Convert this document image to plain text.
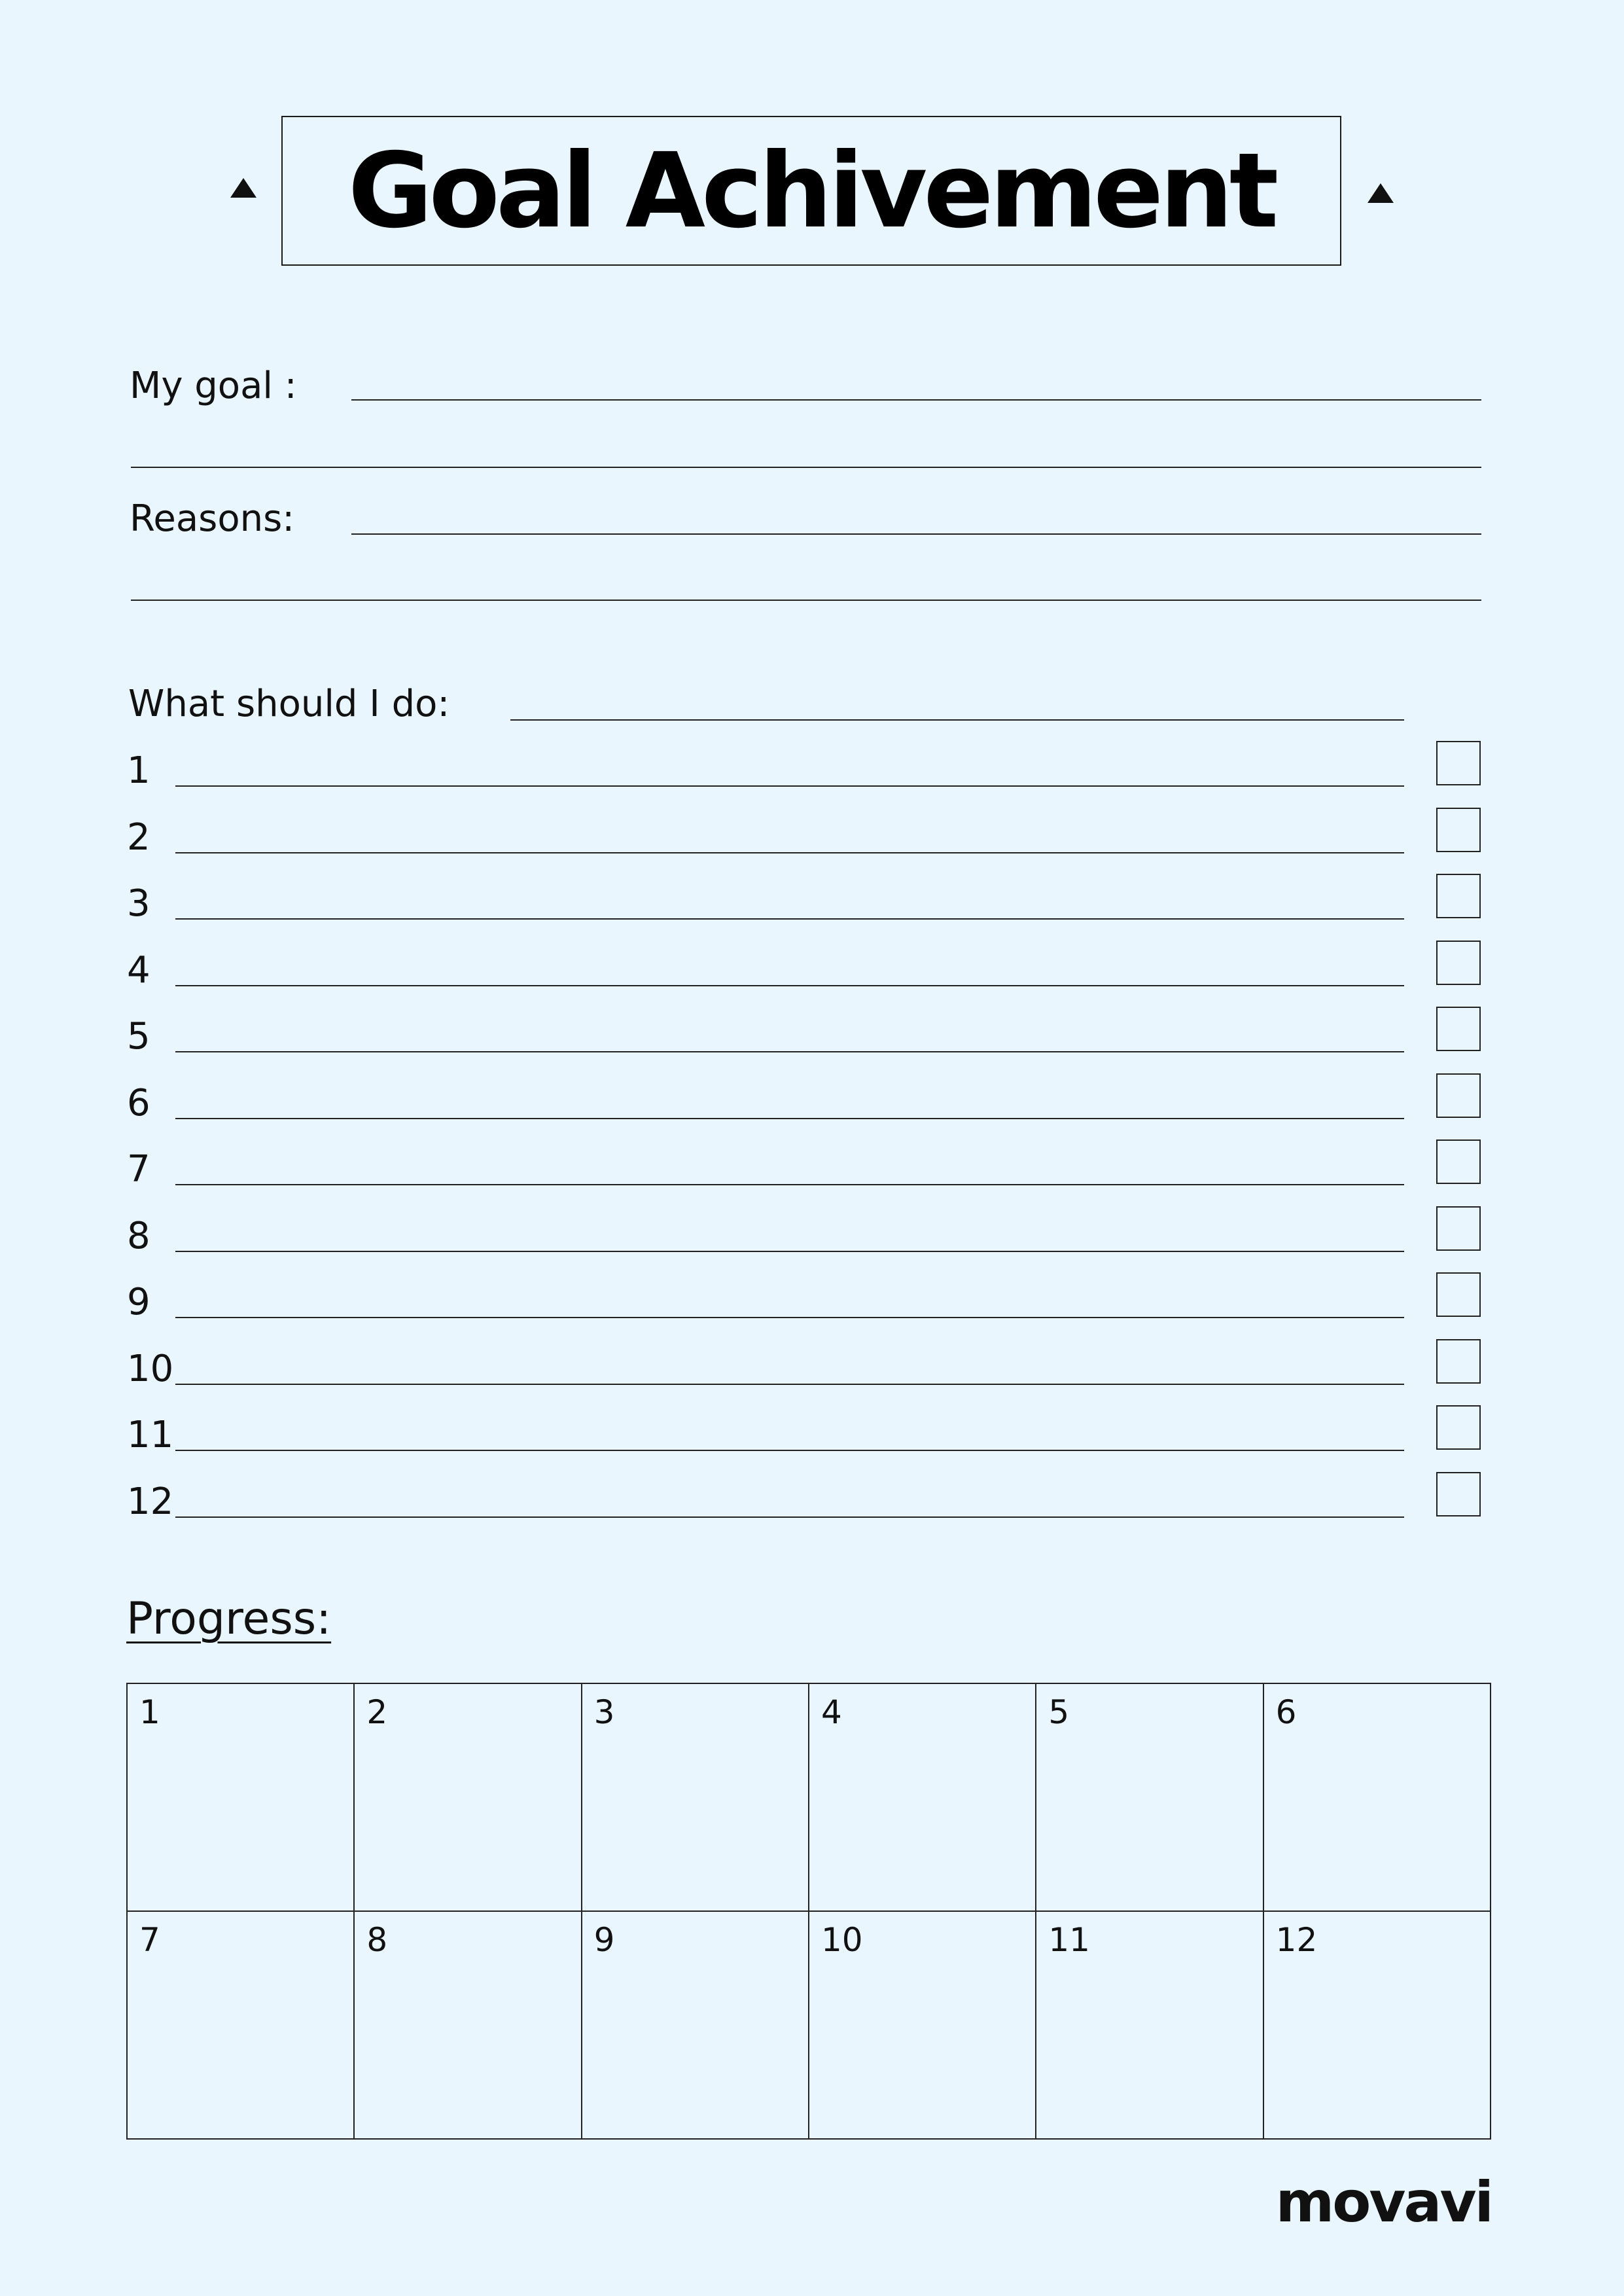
Goal Achivement
My goal :
Reasons:
What should I do:
1
2
3
4
5
6
7
8
9
10
11
12
Progress:
1	2	3	4	5	6

7	8	9	10	11	12
movavi
